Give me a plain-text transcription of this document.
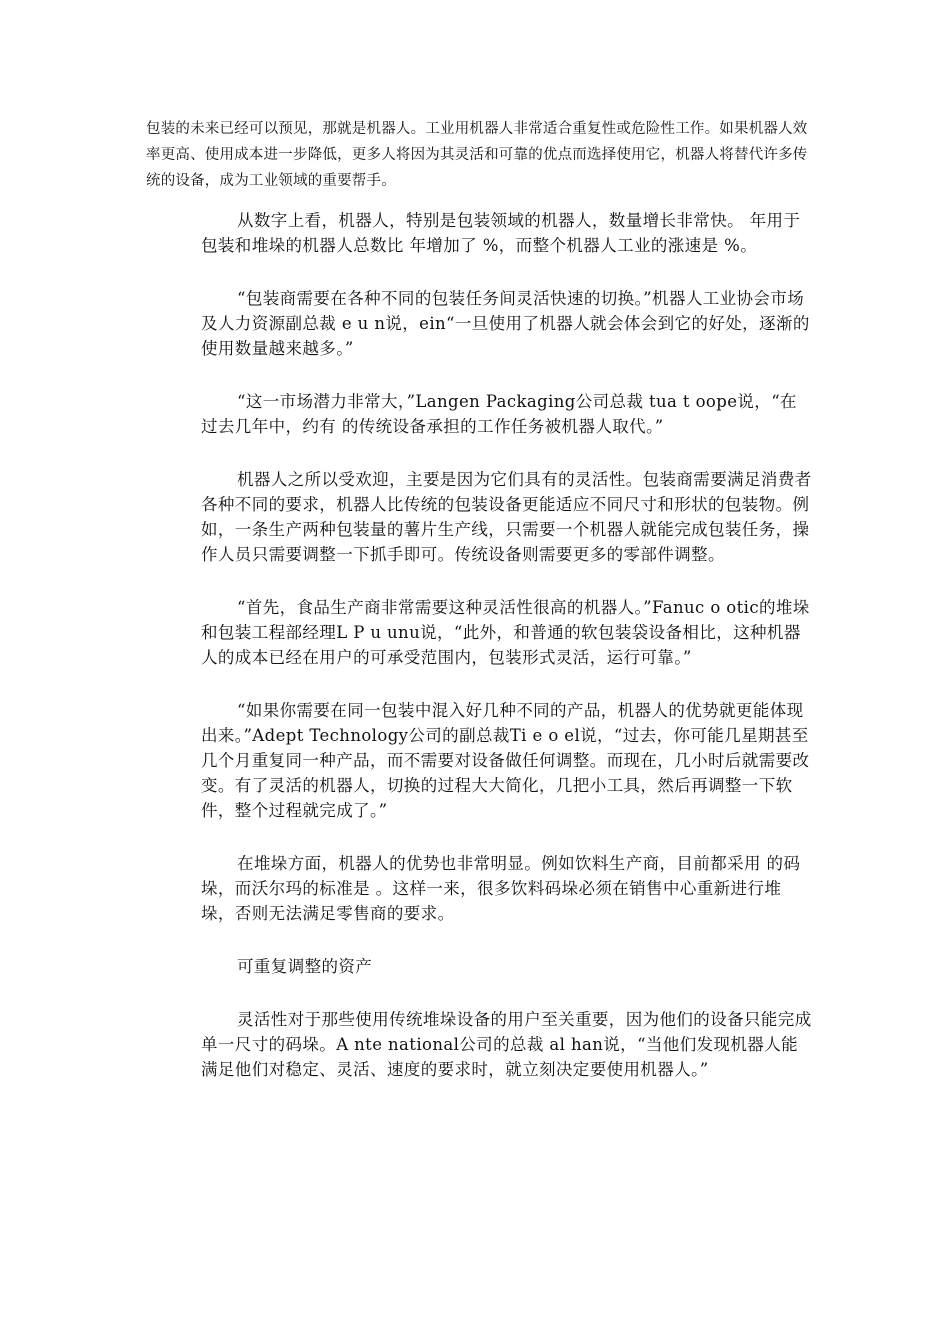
包装的未来已经可以预见，那就是机器人。工业用机器人非常适合重复性或危险性工作。如果机器人效率更高、使用成本进一步降低，更多人将因为其灵活和可靠的优点而选择使用它，机器人将替代许多传统的设备，成为工业领域的重要帮手。

从数字上看，机器人，特别是包装领域的机器人，数量增长非常快。 年用于包装和堆垛的机器人总数比 年增加了 %，而整个机器人工业的涨速是 %。

“包装商需要在各种不同的包装任务间灵活快速的切换。”机器人工业协会市场及人力资源副总裁 e u n说，ein“一旦使用了机器人就会体会到它的好处，逐渐的使用数量越来越多。”

“这一市场潜力非常大，”Langen Packaging公司总裁 tua t oope说，“在过去几年中，约有 的传统设备承担的工作任务被机器人取代。”

机器人之所以受欢迎，主要是因为它们具有的灵活性。包装商需要满足消费者各种不同的要求，机器人比传统的包装设备更能适应不同尺寸和形状的包装物。例如，一条生产两种包装量的薯片生产线，只需要一个机器人就能完成包装任务，操作人员只需要调整一下抓手即可。传统设备则需要更多的零部件调整。

“首先，食品生产商非常需要这种灵活性很高的机器人。”Fanuc o otic的堆垛和包装工程部经理L P u unu说，“此外，和普通的软包装袋设备相比，这种机器人的成本已经在用户的可承受范围内，包装形式灵活，运行可靠。”

“如果你需要在同一包装中混入好几种不同的产品，机器人的优势就更能体现出来。”Adept Technology公司的副总裁Ti e o el说，“过去，你可能几星期甚至几个月重复同一种产品，而不需要对设备做任何调整。而现在，几小时后就需要改变。有了灵活的机器人，切换的过程大大简化，几把小工具，然后再调整一下软件，整个过程就完成了。”

在堆垛方面，机器人的优势也非常明显。例如饮料生产商，目前都采用 的码垛，而沃尔玛的标准是 。这样一来，很多饮料码垛必须在销售中心重新进行堆垛，否则无法满足零售商的要求。

可重复调整的资产

灵活性对于那些使用传统堆垛设备的用户至关重要，因为他们的设备只能完成单一尺寸的码垛。A nte national公司的总裁 al han说，“当他们发现机器人能满足他们对稳定、灵活、速度的要求时，就立刻决定要使用机器人。”
